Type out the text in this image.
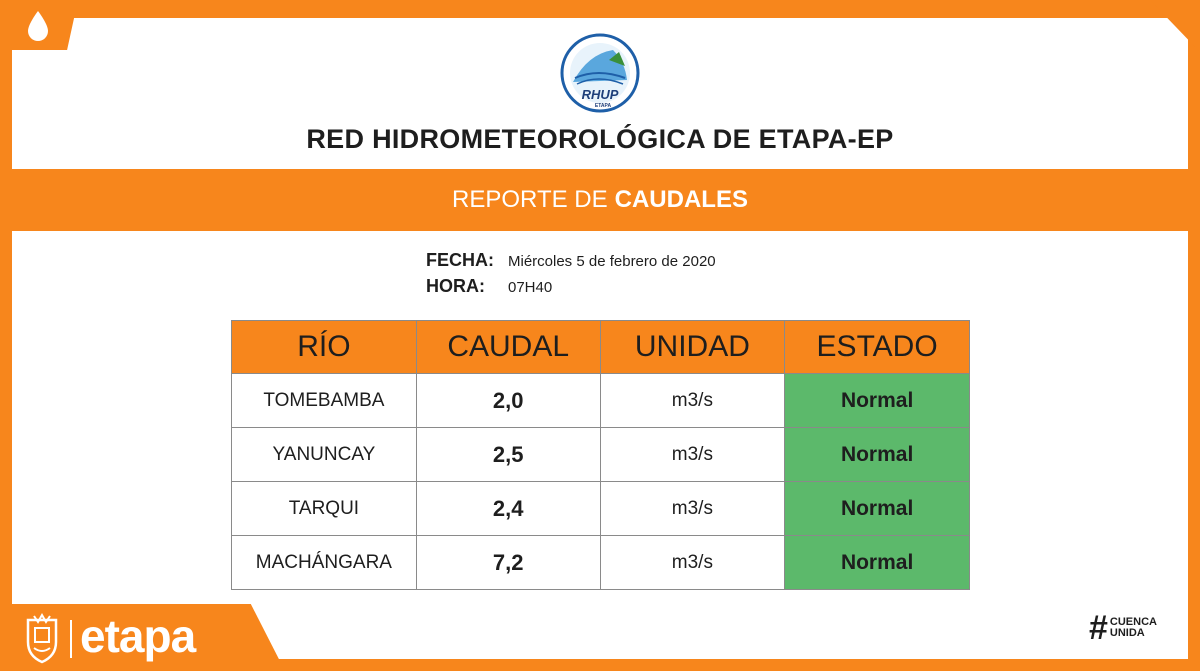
RHUP
ETAPA
RED HIDROMETEOROLÓGICA DE ETAPA-EP
REPORTE DE CAUDALES
FECHA: Miércoles 5 de febrero de 2020
HORA:	07H40
RÍO	CAUDAL	UNIDAD	ESTADO
TOMEBAMBA	2,0	m3/s	Normal
YANUNCAY	2,5	m3/s	Normal
TARQUI	2,4	m3/s	Normal
MACHÁNGARA	7,2	m3/s	Normal
etapa	# CUENCA
UNIDA
